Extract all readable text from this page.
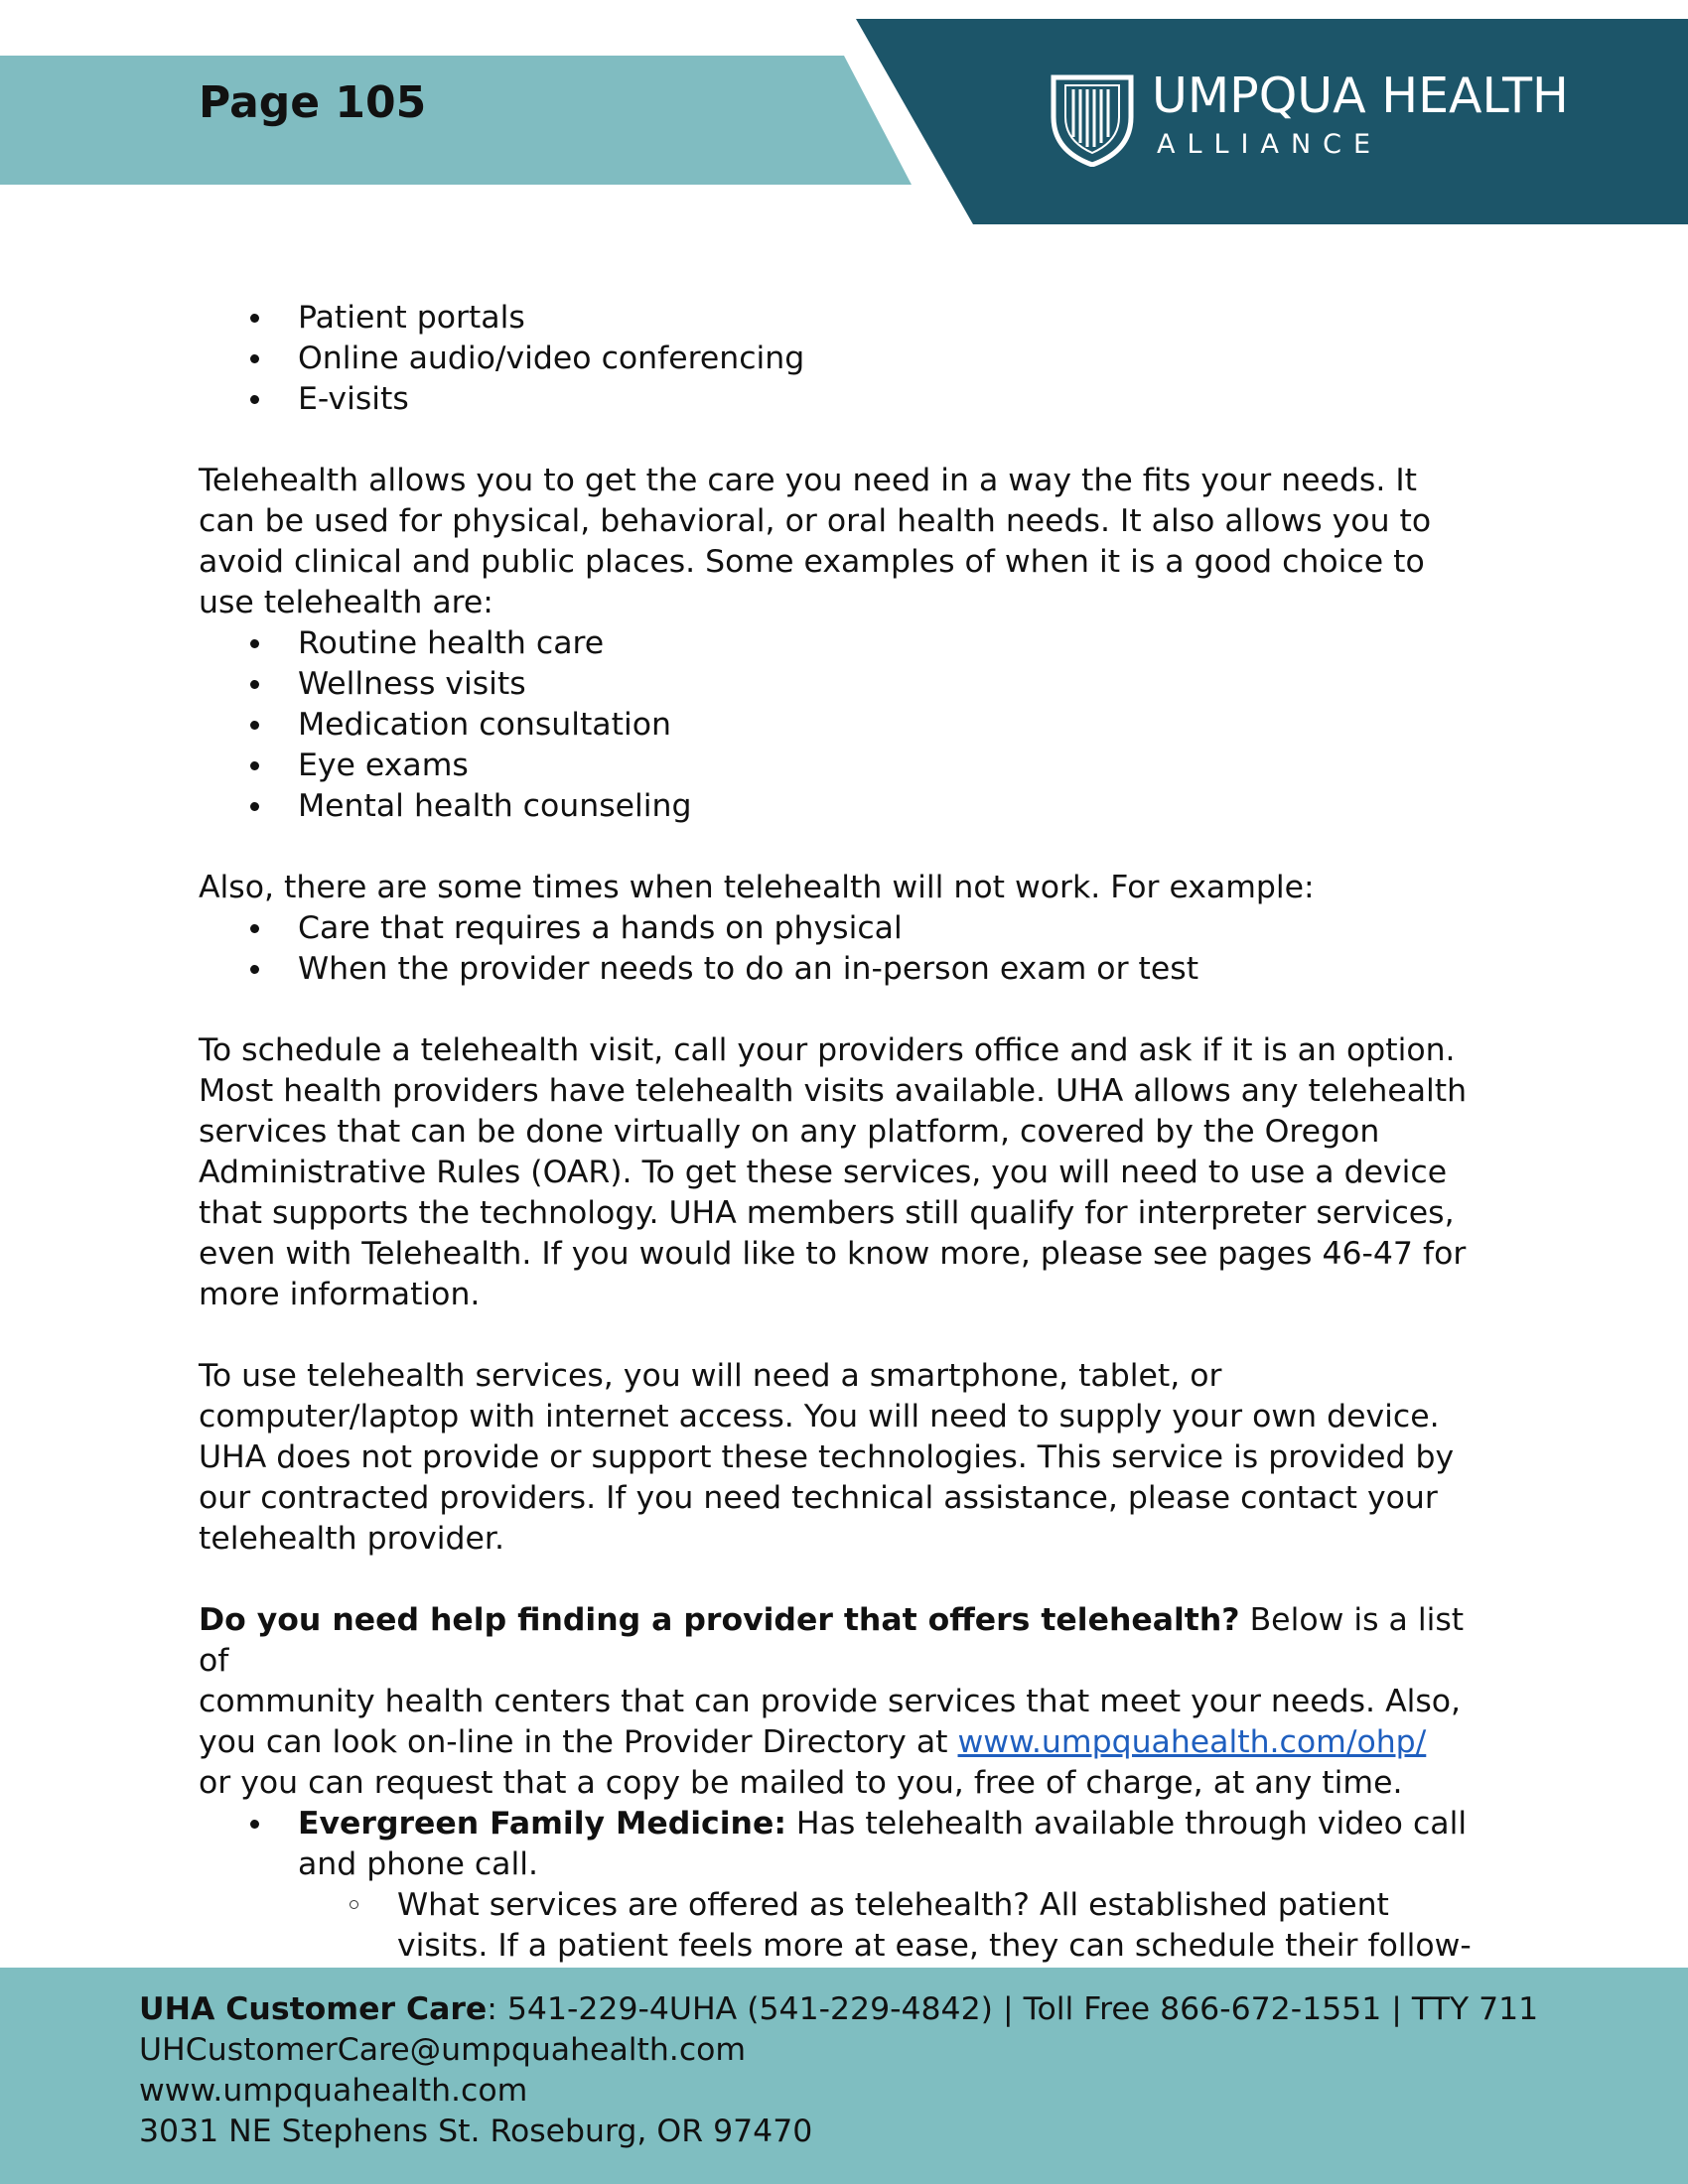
Page 105	UMPQUA HEALTH
ALLIANCE
Patient portals
Online audio/video conferencing
E-visits

Telehealth allows you to get the care you need in a way the fits your needs. It
can be used for physical, behavioral, or oral health needs. It also allows you to
avoid clinical and public places. Some examples of when it is a good choice to
use telehealth are:

Routine health care
Wellness visits
Medication consultation
Eye exams
Mental health counseling

Also, there are some times when telehealth will not work. For example:

Care that requires a hands on physical
When the provider needs to do an in-person exam or test

To schedule a telehealth visit, call your providers office and ask if it is an option.
Most health providers have telehealth visits available. UHA allows any telehealth
services that can be done virtually on any platform, covered by the Oregon
Administrative Rules (OAR). To get these services, you will need to use a device
that supports the technology. UHA members still qualify for interpreter services,
even with Telehealth. If you would like to know more, please see pages 46-47 for
more information.

To use telehealth services, you will need a smartphone, tablet, or
computer/laptop with internet access. You will need to supply your own device.
UHA does not provide or support these technologies. This service is provided by
our contracted providers. If you need technical assistance, please contact your
telehealth provider.

Do you need help finding a provider that offers telehealth? Below is a list of
community health centers that can provide services that meet your needs. Also,
you can look on-line in the Provider Directory at www.umpquahealth.com/ohp/
or you can request that a copy be mailed to you, free of charge, at any time.

Evergreen Family Medicine: Has telehealth available through video call
and phone call.
What services are offered as telehealth? All established patient
visits. If a patient feels more at ease, they can schedule their follow-
UHA Customer Care: 541-229-4UHA (541-229-4842) | Toll Free 866-672-1551 | TTY 711
UHCustomerCare@umpquahealth.com
www.umpquahealth.com
3031 NE Stephens St. Roseburg, OR 97470
